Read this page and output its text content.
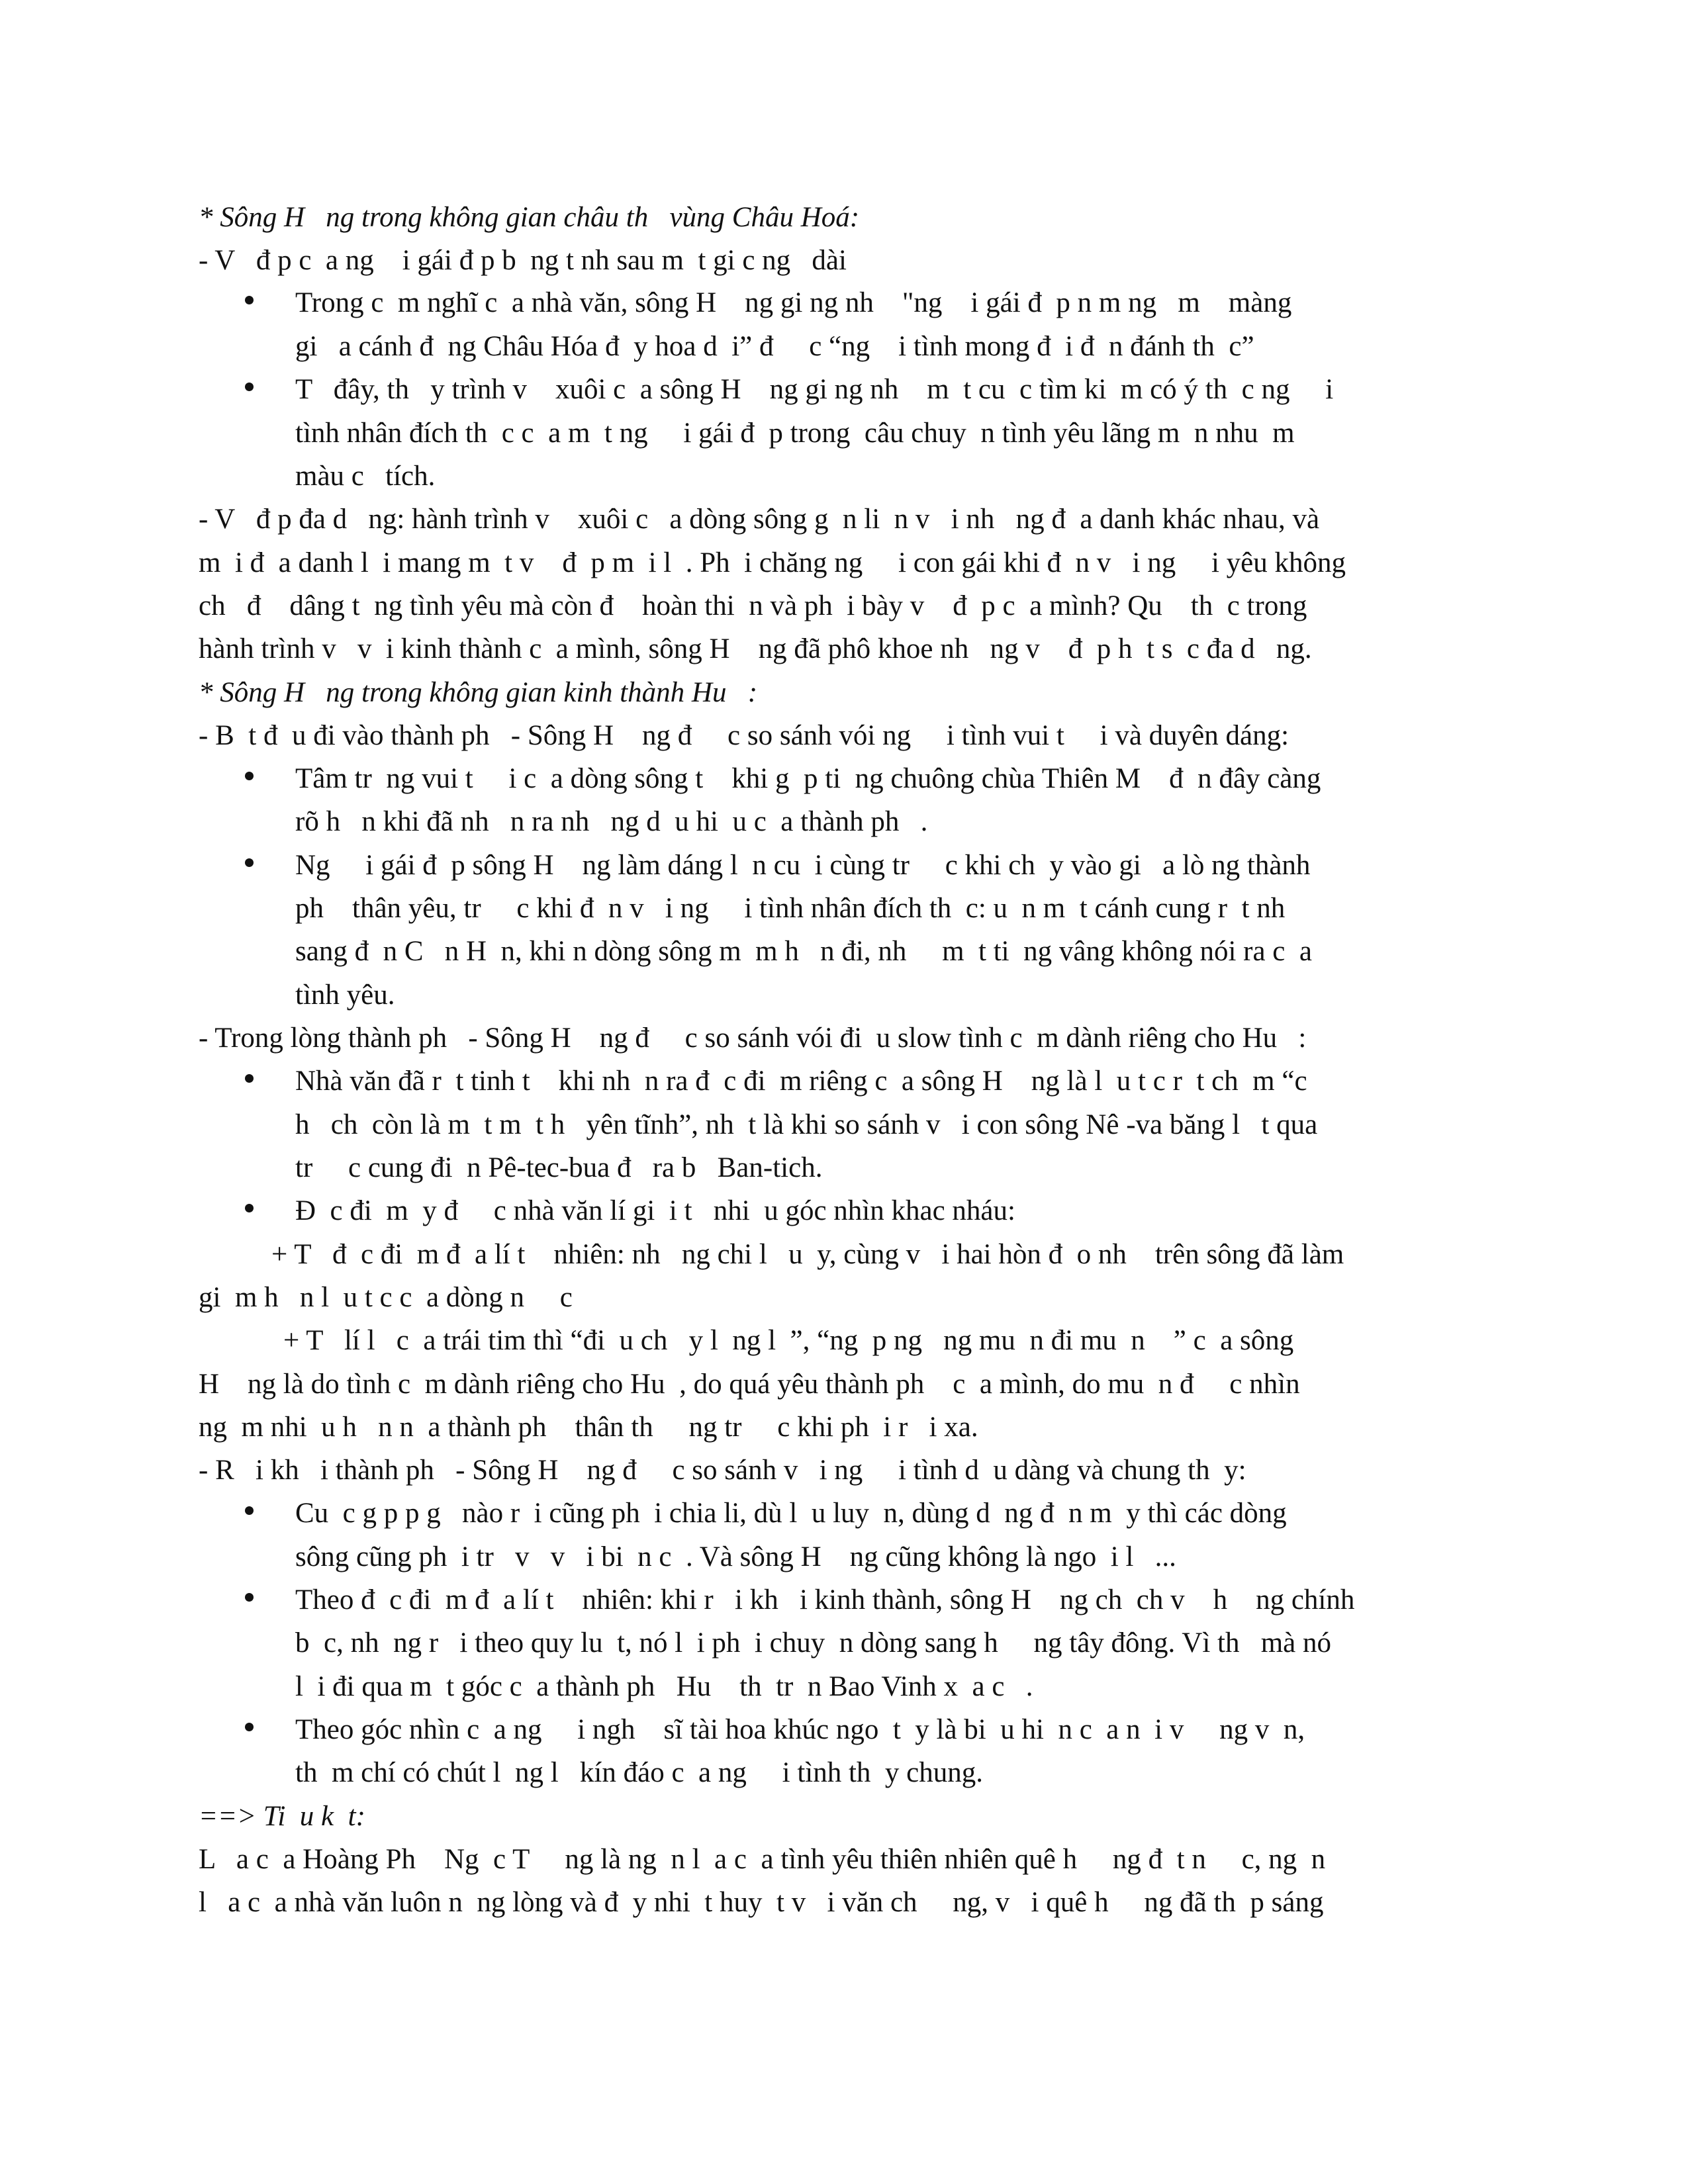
* Sông H   ng trong không gian châu th   vùng Châu Hoá:
- V   đ p c  a ng    i gái đ p b  ng t nh sau m  t gi c ng   dài
Trong c  m nghĩ c  a nhà văn, sông H    ng gi ng nh    "ng    i gái đ  p n m ng   m    màng
gi   a cánh đ  ng Châu Hóa đ  y hoa d  i” đ     c “ng    i tình mong đ  i đ  n đánh th  c”
T   đây, th   y trình v    xuôi c  a sông H    ng gi ng nh    m  t cu  c tìm ki  m có ý th  c ng     i
tình nhân đích th  c c  a m  t ng     i gái đ  p trong  câu chuy  n tình yêu lãng m  n nhu  m
màu c   tích.
- V   đ p đa d   ng: hành trình v    xuôi c   a dòng sông g  n li  n v   i nh   ng đ  a danh khác nhau, và
m  i đ  a danh l  i mang m  t v    đ  p m  i l  . Ph  i chăng ng     i con gái khi đ  n v   i ng     i yêu không
ch   đ    dâng t  ng tình yêu mà còn đ    hoàn thi  n và ph  i bày v    đ  p c  a mình? Qu    th  c trong
hành trình v   v  i kinh thành c  a mình, sông H    ng đã phô khoe nh   ng v    đ  p h  t s  c đa d   ng.
* Sông H   ng trong không gian kinh thành Hu   :
- B  t đ  u đi vào thành ph   - Sông H    ng đ     c so sánh vói ng     i tình vui t     i và duyên dáng:
Tâm tr  ng vui t     i c  a dòng sông t    khi g  p ti  ng chuông chùa Thiên M    đ  n đây càng
rõ h   n khi đã nh   n ra nh   ng d  u hi  u c  a thành ph   .
Ng     i gái đ  p sông H    ng làm dáng l  n cu  i cùng tr     c khi ch  y vào gi   a lò ng thành
ph    thân yêu, tr     c khi đ  n v   i ng     i tình nhân đích th  c: u  n m  t cánh cung r  t nh
sang đ  n C   n H  n, khi n dòng sông m  m h   n đi, nh     m  t ti  ng vâng không nói ra c  a
tình yêu.
- Trong lòng thành ph   - Sông H    ng đ     c so sánh vói đi  u slow tình c  m dành riêng cho Hu   :
Nhà văn đã r  t tinh t    khi nh  n ra đ  c đi  m riêng c  a sông H    ng là l  u t c r  t ch  m “c
h   ch  còn là m  t m  t h   yên tĩnh”, nh  t là khi so sánh v   i con sông Nê -va băng l   t qua
tr     c cung đi  n Pê-tec-bua đ   ra b   Ban-tich.
Đ  c đi  m  y đ     c nhà văn lí gi  i t   nhi  u góc nhìn khac nháu:
+ T   đ  c đi  m đ  a lí t    nhiên: nh   ng chi l   u  y, cùng v   i hai hòn đ  o nh    trên sông đã làm
gi  m h   n l  u t c c  a dòng n     c
+ T   lí l   c  a trái tim thì “đi  u ch   y l  ng l  ”, “ng  p ng   ng mu  n đi mu  n    ” c  a sông
H    ng là do tình c  m dành riêng cho Hu  , do quá yêu thành ph    c  a mình, do mu  n đ     c nhìn
ng  m nhi  u h   n n  a thành ph    thân th     ng tr     c khi ph  i r   i xa.
- R   i kh   i thành ph   - Sông H    ng đ     c so sánh v   i ng     i tình d  u dàng và chung th  y:
Cu  c g p p g   nào r  i cũng ph  i chia li, dù l  u luy  n, dùng d  ng đ  n m  y thì các dòng
sông cũng ph  i tr   v   v   i bi  n c  . Và sông H    ng cũng không là ngo  i l   ...
Theo đ  c đi  m đ  a lí t    nhiên: khi r   i kh   i kinh thành, sông H    ng ch  ch v    h    ng chính
b  c, nh  ng r   i theo quy lu  t, nó l  i ph  i chuy  n dòng sang h     ng tây đông. Vì th   mà nó
l  i đi qua m  t góc c  a thành ph   Hu    th  tr  n Bao Vinh x  a c   .
Theo góc nhìn c  a ng     i ngh    sĩ tài hoa khúc ngo  t  y là bi  u hi  n c  a n  i v     ng v  n,
th  m chí có chút l  ng l   kín đáo c  a ng     i tình th  y chung.
==> Ti  u k  t:
L   a c  a Hoàng Ph    Ng  c T     ng là ng  n l  a c  a tình yêu thiên nhiên quê h     ng đ  t n     c, ng  n
l   a c  a nhà văn luôn n  ng lòng và đ  y nhi  t huy  t v   i văn ch     ng, v   i quê h     ng đã th  p sáng
